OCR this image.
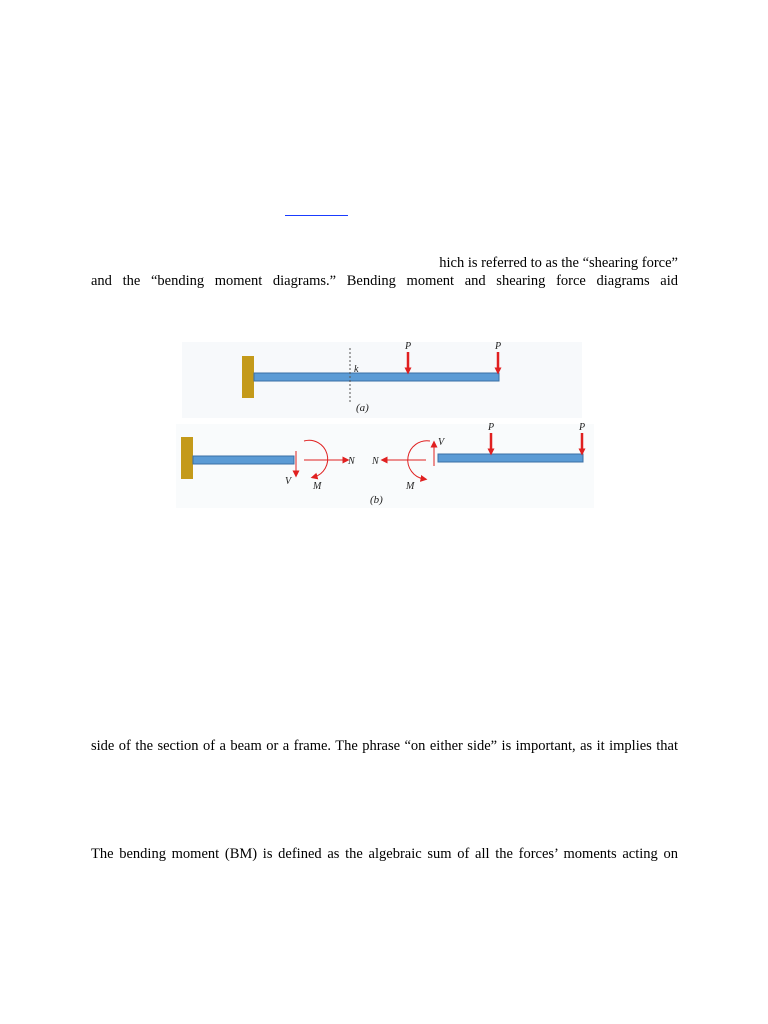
hich is referred to as the “shearing force”
and the “bending moment diagrams.” Bending moment and shearing force diagrams aid
k
P	P
(a)
V M
N N
M
V
P	P
(b)
side of the section of a beam or a frame. The phrase “on either side” is important, as it implies that
The bending moment (BM) is defined as the algebraic sum of all the forces’ moments acting on
